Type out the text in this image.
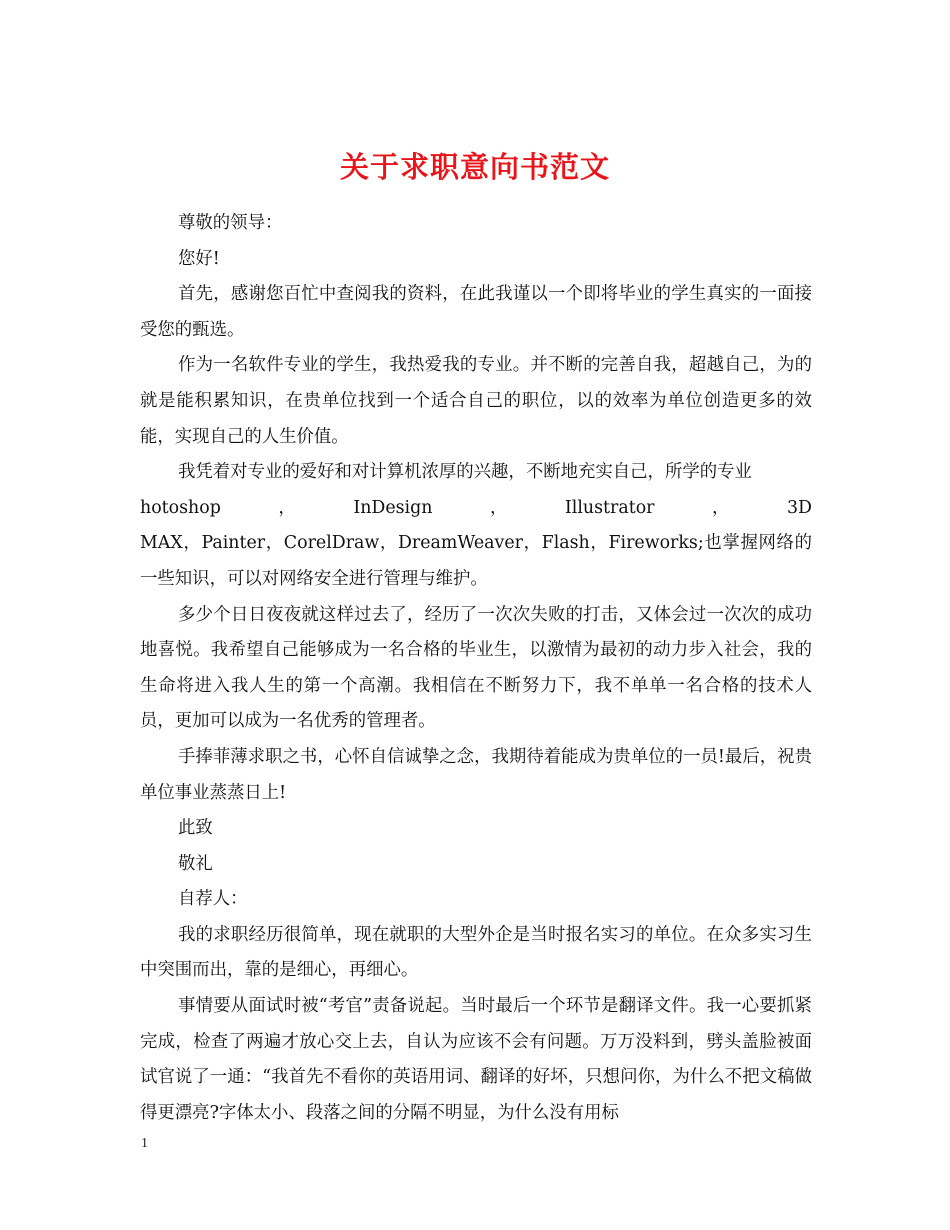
关于求职意向书范文

尊敬的领导：

您好!

首先，感谢您百忙中查阅我的资料，在此我谨以一个即将毕业的学生真实的一面接受您的甄选。

作为一名软件专业的学生，我热爱我的专业。并不断的完善自我，超越自己，为的就是能积累知识，在贵单位找到一个适合自己的职位，以的效率为单位创造更多的效能，实现自己的人生价值。

我凭着对专业的爱好和对计算机浓厚的兴趣，不断地充实自己，所学的专业

hotoshop	，	InDesign	，	Illustrator	，	3D

MAX，Painter，CorelDraw，DreamWeaver，Flash，Fireworks;也掌握网络的一些知识，可以对网络安全进行管理与维护。

多少个日日夜夜就这样过去了，经历了一次次失败的打击，又体会过一次次的成功地喜悦。我希望自己能够成为一名合格的毕业生，以激情为最初的动力步入社会，我的生命将进入我人生的第一个高潮。我相信在不断努力下，我不单单一名合格的技术人员，更加可以成为一名优秀的管理者。

手捧菲薄求职之书，心怀自信诚挚之念，我期待着能成为贵单位的一员!最后，祝贵单位事业蒸蒸日上!

此致

敬礼

自荐人：

我的求职经历很简单，现在就职的大型外企是当时报名实习的单位。在众多实习生中突围而出，靠的是细心，再细心。

事情要从面试时被“考官”责备说起。当时最后一个环节是翻译文件。我一心要抓紧完成，检查了两遍才放心交上去，自认为应该不会有问题。万万没料到，劈头盖脸被面试官说了一通：“我首先不看你的英语用词、翻译的好坏，只想问你，为什么不把文稿做得更漂亮?字体太小、段落之间的分隔不明显，为什么没有用标

1
